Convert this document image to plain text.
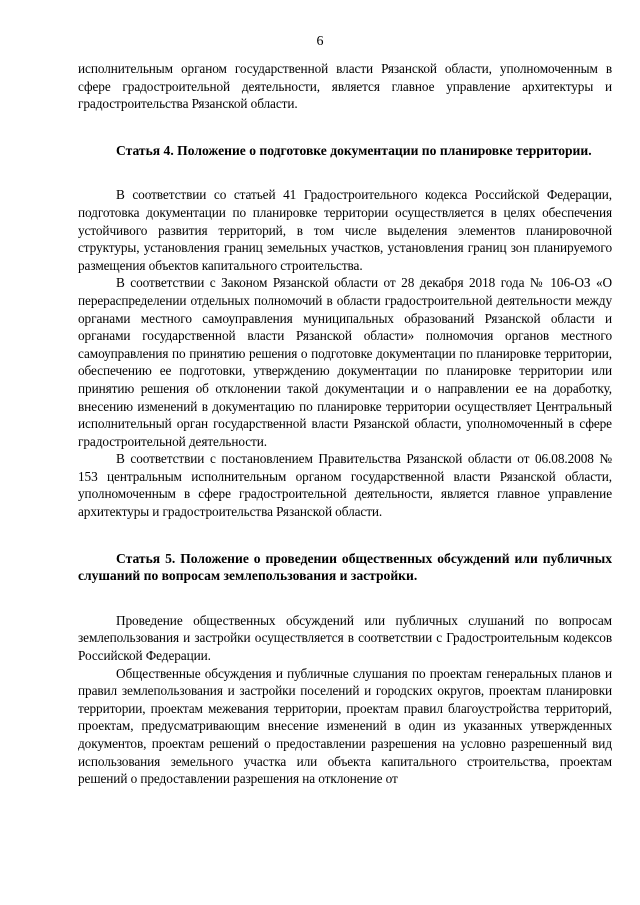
6

исполнительным органом государственной власти Рязанской области, уполномоченным в сфере градостроительной деятельности, является главное управление архитектуры и градостроительства Рязанской области.

Статья 4. Положение о подготовке документации по планировке территории.

В соответствии со статьей 41 Градостроительного кодекса Российской Федерации, подготовка документации по планировке территории осуществляется в целях обеспечения устойчивого развития территорий, в том числе выделения элементов планировочной структуры, установления границ земельных участков, установления границ зон планируемого размещения объектов капитального строительства.

В соответствии с Законом Рязанской области от 28 декабря 2018 года № 106-ОЗ «О перераспределении отдельных полномочий в области градостроительной деятельности между органами местного самоуправления муниципальных образований Рязанской области и органами государственной власти Рязанской области» полномочия органов местного самоуправления по принятию решения о подготовке документации по планировке территории, обеспечению ее подготовки, утверждению документации по планировке территории или принятию решения об отклонении такой документации и о направлении ее на доработку, внесению изменений в документацию по планировке территории осуществляет Центральный исполнительный орган государственной власти Рязанской области, уполномоченный в сфере градостроительной деятельности.

В соответствии с постановлением Правительства Рязанской области от 06.08.2008 № 153 центральным исполнительным органом государственной власти Рязанской области, уполномоченным в сфере градостроительной деятельности, является главное управление архитектуры и градостроительства Рязанской области.

Статья 5. Положение о проведении общественных обсуждений или публичных слушаний по вопросам землепользования и застройки.

Проведение общественных обсуждений или публичных слушаний по вопросам землепользования и застройки осуществляется в соответствии с Градостроительным кодексов Российской Федерации.

Общественные обсуждения и публичные слушания по проектам генеральных планов и правил землепользования и застройки поселений и городских округов, проектам планировки территории, проектам межевания территории, проектам правил благоустройства территорий, проектам, предусматривающим внесение изменений в один из указанных утвержденных документов, проектам решений о предоставлении разрешения на условно разрешенный вид использования земельного участка или объекта капитального строительства, проектам решений о предоставлении разрешения на отклонение от
